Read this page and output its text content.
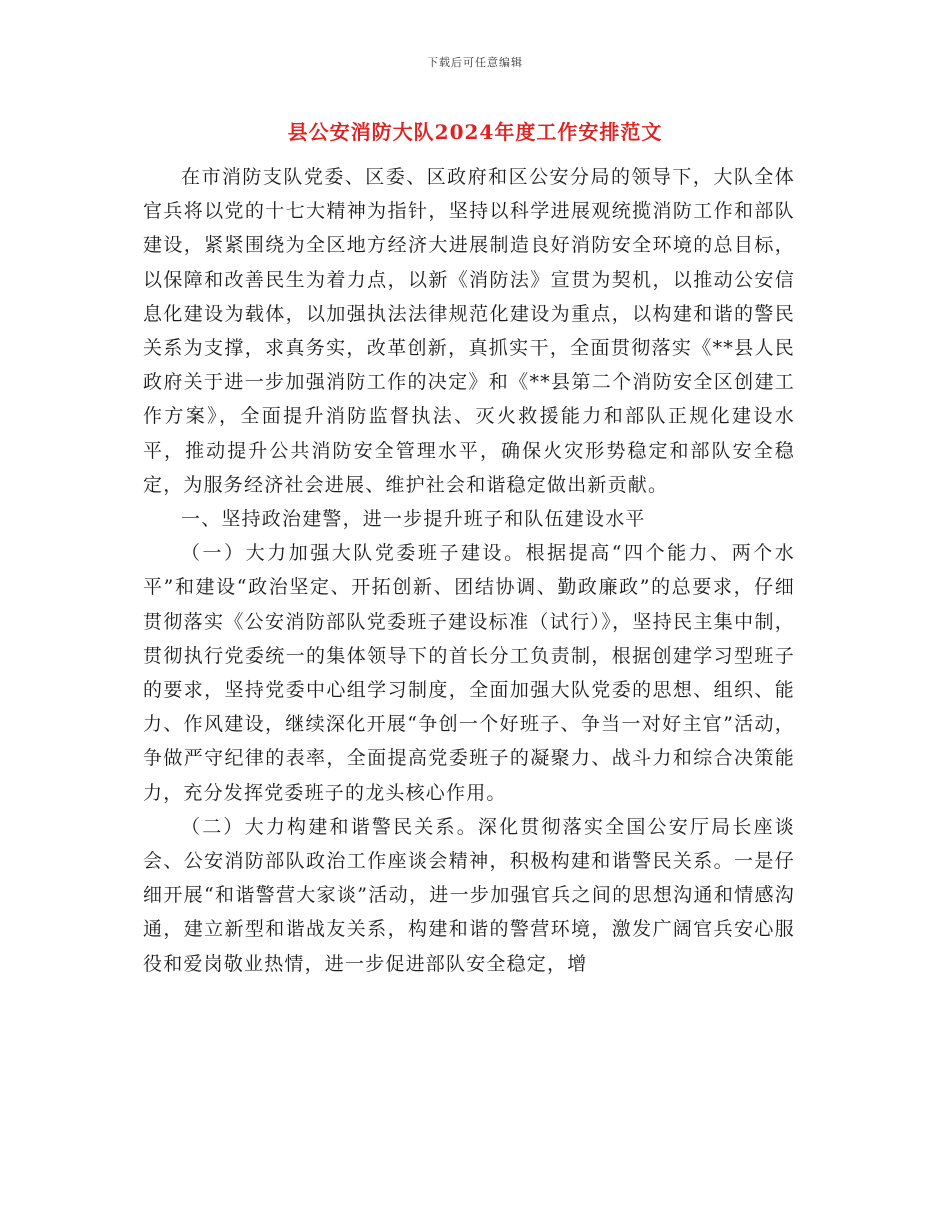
下载后可任意编辑
县公安消防大队2024年度工作安排范文

在市消防支队党委、区委、区政府和区公安分局的领导下，大队全体官兵将以党的十七大精神为指针，坚持以科学进展观统揽消防工作和部队建设，紧紧围绕为全区地方经济大进展制造良好消防安全环境的总目标，以保障和改善民生为着力点，以新《消防法》宣贯为契机，以推动公安信息化建设为载体，以加强执法法律规范化建设为重点，以构建和谐的警民关系为支撑，求真务实，改革创新，真抓实干，全面贯彻落实《**县人民政府关于进一步加强消防工作的决定》和《**县第二个消防安全区创建工作方案》，全面提升消防监督执法、灭火救援能力和部队正规化建设水平，推动提升公共消防安全管理水平，确保火灾形势稳定和部队安全稳定，为服务经济社会进展、维护社会和谐稳定做出新贡献。

一、坚持政治建警，进一步提升班子和队伍建设水平

（一）大力加强大队党委班子建设。根据提高“四个能力、两个水平”和建设“政治坚定、开拓创新、团结协调、勤政廉政”的总要求，仔细贯彻落实《公安消防部队党委班子建设标准（试行）》，坚持民主集中制，贯彻执行党委统一的集体领导下的首长分工负责制，根据创建学习型班子的要求，坚持党委中心组学习制度，全面加强大队党委的思想、组织、能力、作风建设，继续深化开展“争创一个好班子、争当一对好主官”活动，争做严守纪律的表率，全面提高党委班子的凝聚力、战斗力和综合决策能力，充分发挥党委班子的龙头核心作用。

（二）大力构建和谐警民关系。深化贯彻落实全国公安厅局长座谈会、公安消防部队政治工作座谈会精神，积极构建和谐警民关系。一是仔细开展“和谐警营大家谈”活动，进一步加强官兵之间的思想沟通和情感沟通，建立新型和谐战友关系，构建和谐的警营环境，激发广阔官兵安心服役和爱岗敬业热情，进一步促进部队安全稳定，增
